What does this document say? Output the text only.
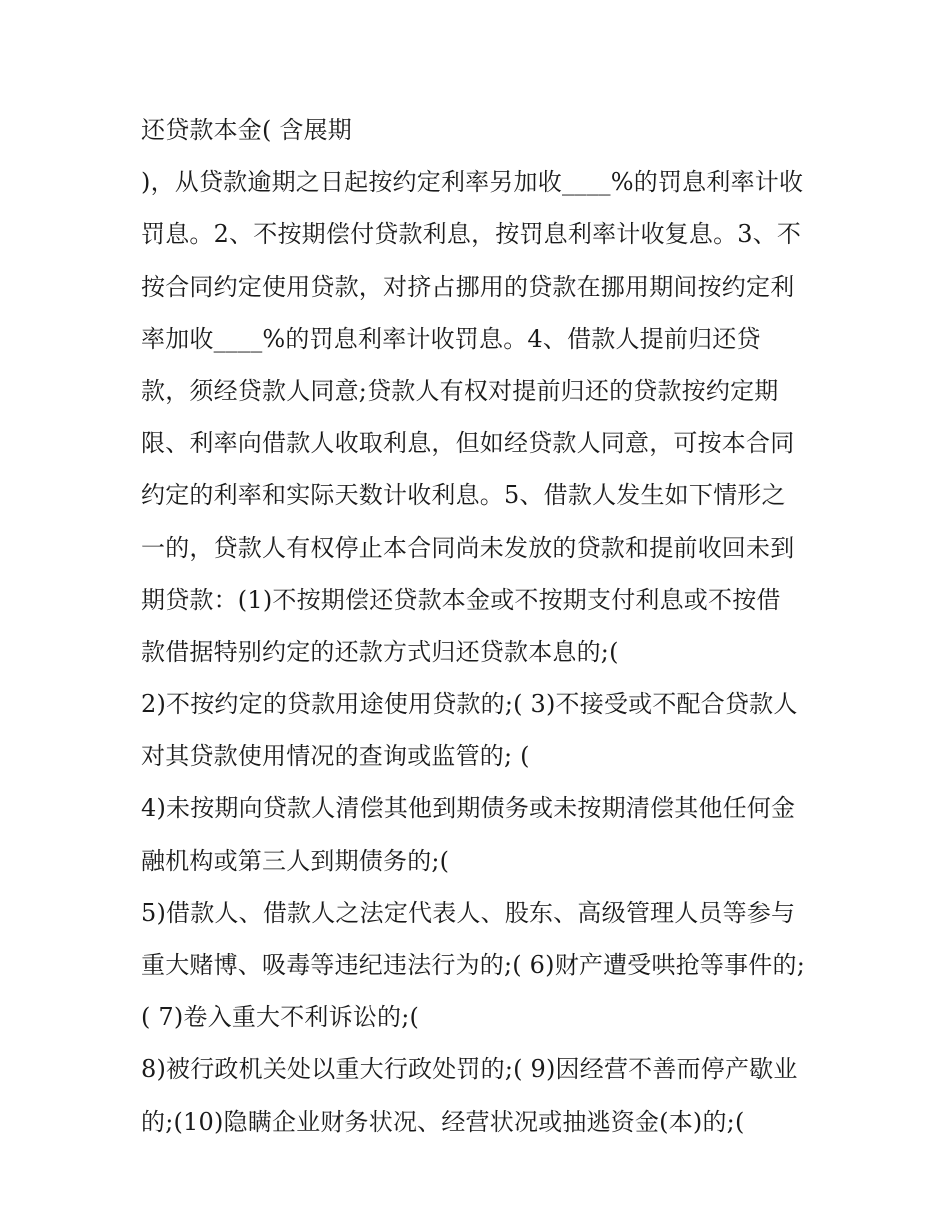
还贷款本金( 含展期
)，从贷款逾期之日起按约定利率另加收____%的罚息利率计收
罚息。2、不按期偿付贷款利息，按罚息利率计收复息。3、不
按合同约定使用贷款，对挤占挪用的贷款在挪用期间按约定利
率加收____%的罚息利率计收罚息。4、借款人提前归还贷
款，须经贷款人同意;贷款人有权对提前归还的贷款按约定期
限、利率向借款人收取利息，但如经贷款人同意，可按本合同
约定的利率和实际天数计收利息。5、借款人发生如下情形之
一的，贷款人有权停止本合同尚未发放的贷款和提前收回未到
期贷款：(1)不按期偿还贷款本金或不按期支付利息或不按借
款借据特别约定的还款方式归还贷款本息的;(
2)不按约定的贷款用途使用贷款的;( 3)不接受或不配合贷款人
对其贷款使用情况的查询或监管的; (
4)未按期向贷款人清偿其他到期债务或未按期清偿其他任何金
融机构或第三人到期债务的;(
5)借款人、借款人之法定代表人、股东、高级管理人员等参与
重大赌博、吸毒等违纪违法行为的;( 6)财产遭受哄抢等事件的;
( 7)卷入重大不利诉讼的;(
8)被行政机关处以重大行政处罚的;( 9)因经营不善而停产歇业
的;(10)隐瞒企业财务状况、经营状况或抽逃资金(本)的;(
